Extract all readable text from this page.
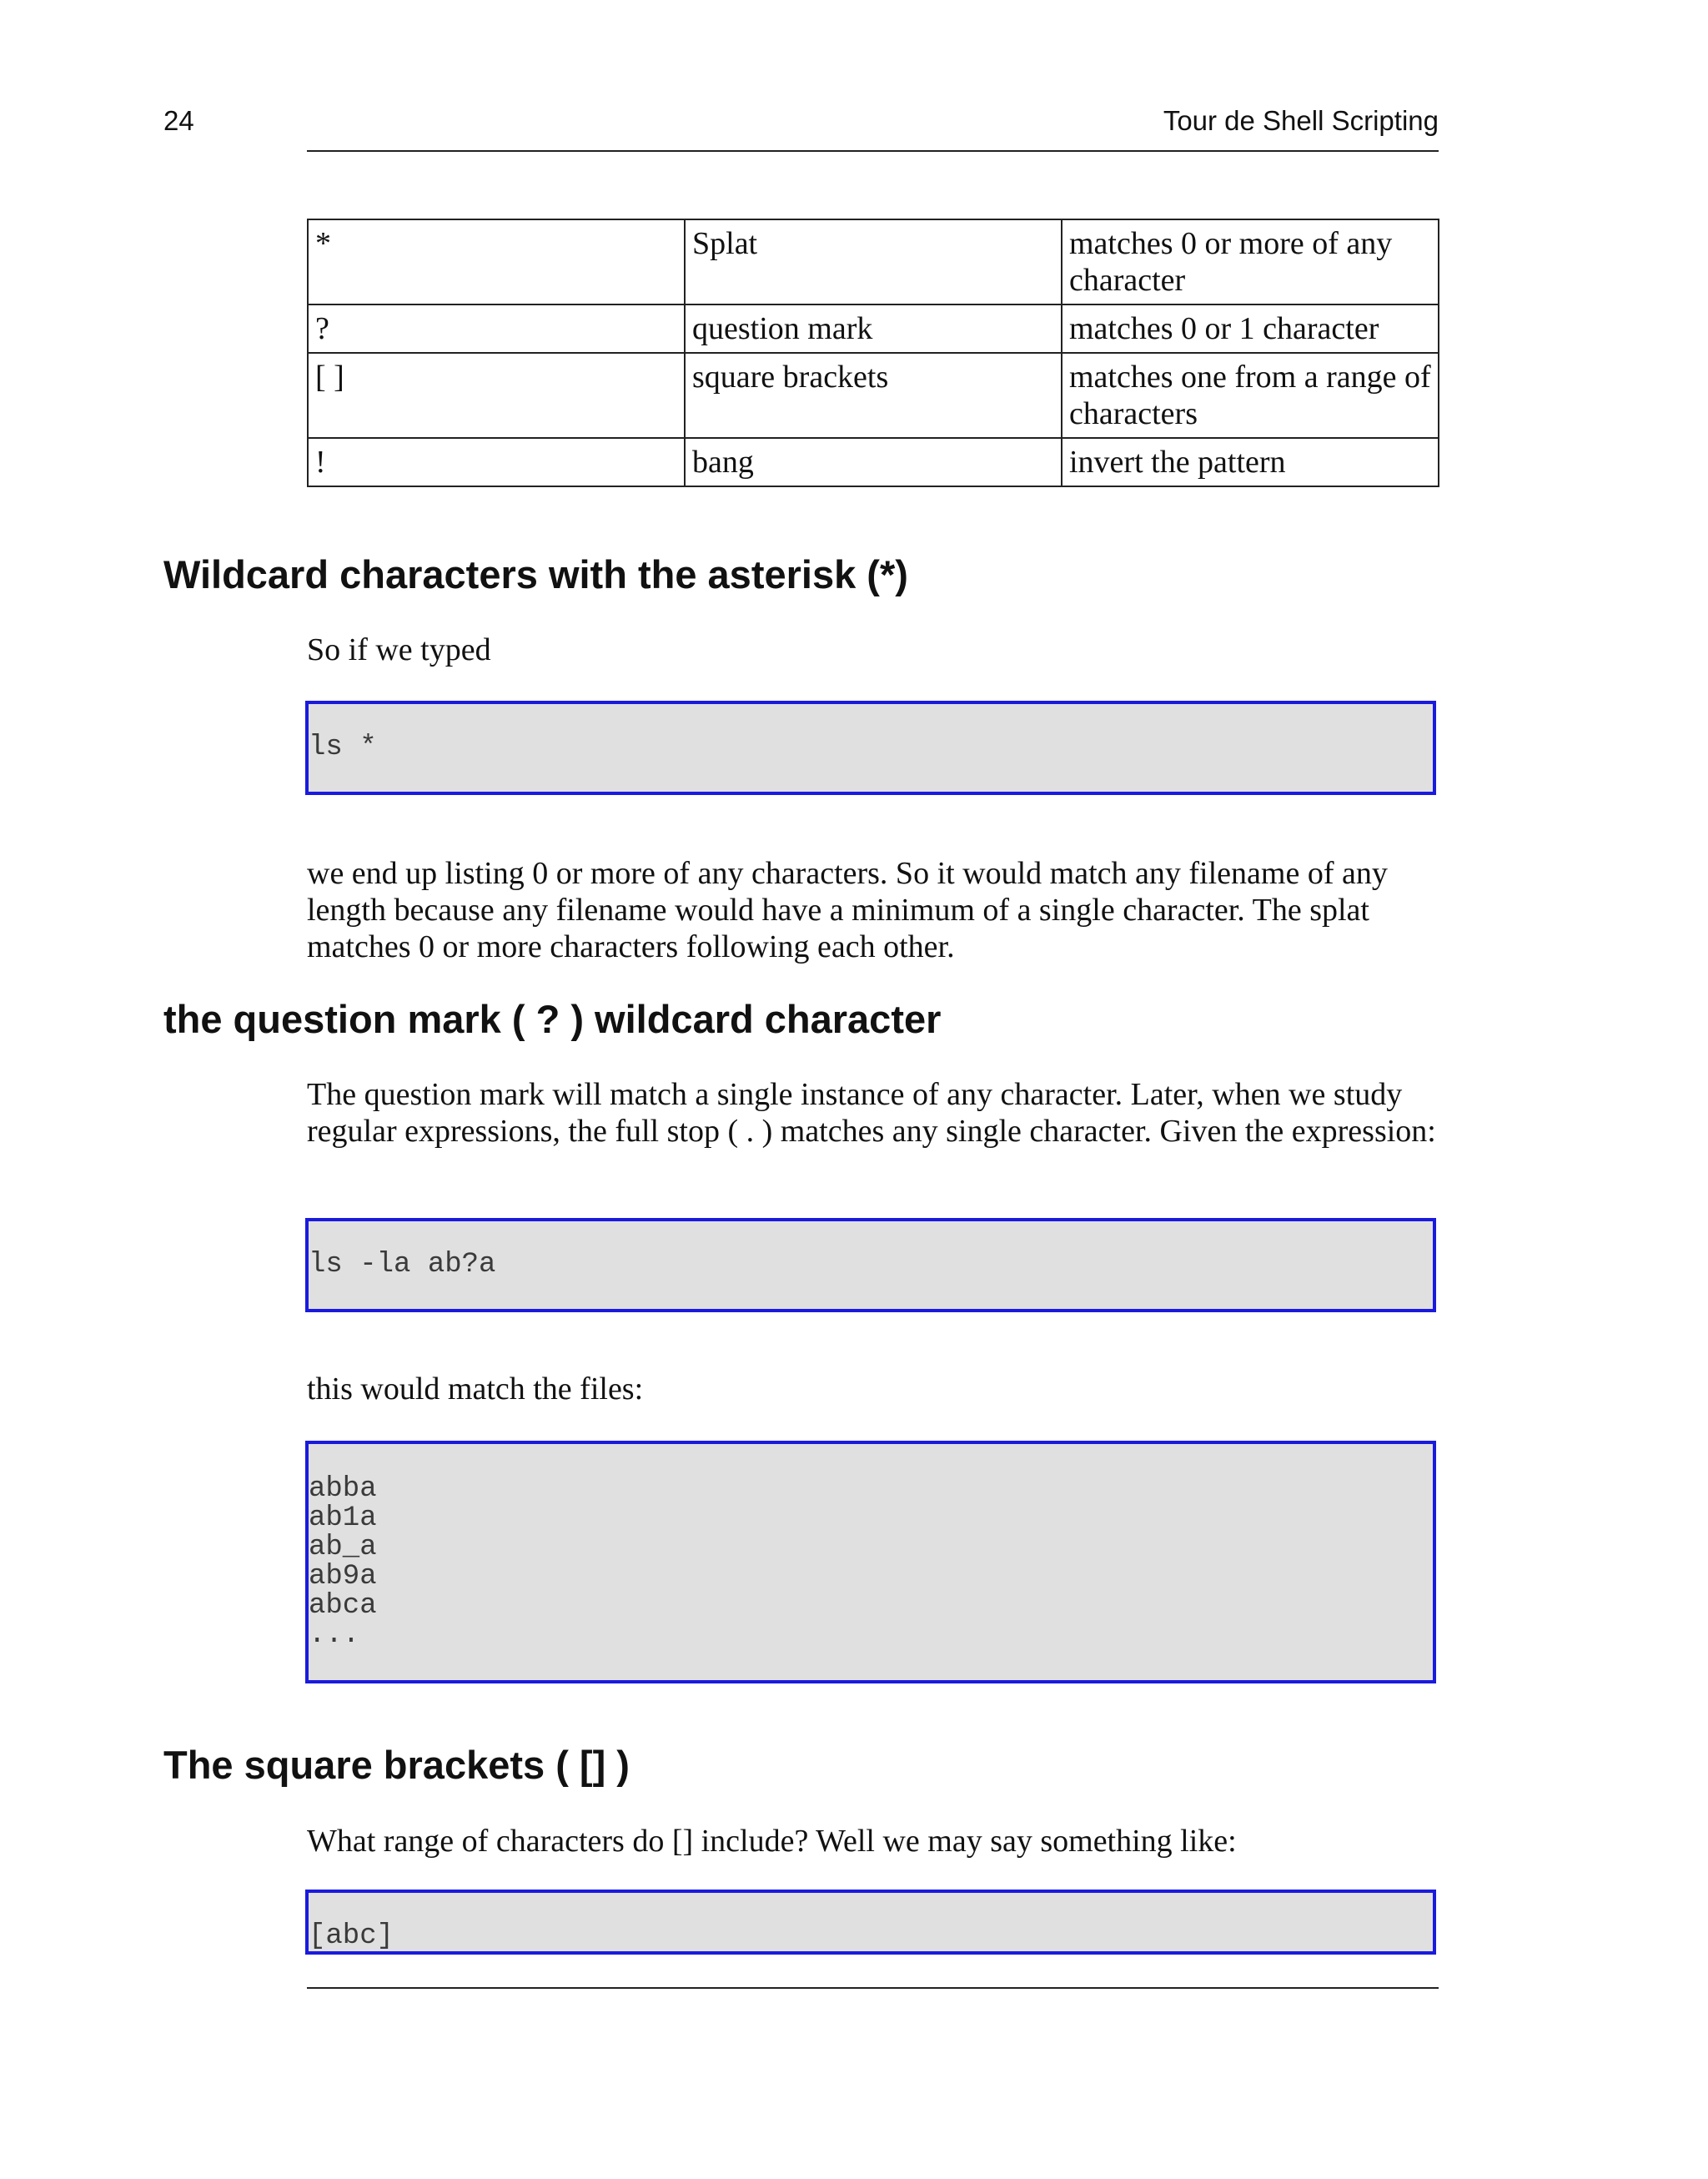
24	Tour de Shell Scripting
*	Splat	matches 0 or more of any character
?	question mark	matches 0 or 1 character
[ ]	square brackets	matches one from a range of characters
!	bang	invert the pattern
Wildcard characters with the asterisk (*)

So if we typed

ls *

we end up listing 0 or more of any characters. So it would match any filename of any length because any filename would have a minimum of a single character. The splat matches 0 or more characters following each other.

the question mark ( ? ) wildcard character

The question mark will match a single instance of any character. Later, when we study regular expressions, the full stop ( . ) matches any single character. Given the expression:

ls -la ab?a

this would match the files:

abba
ab1a
ab_a
ab9a
abca
...
The square brackets ( [] )

What range of characters do [] include? Well we may say something like:

[abc]
